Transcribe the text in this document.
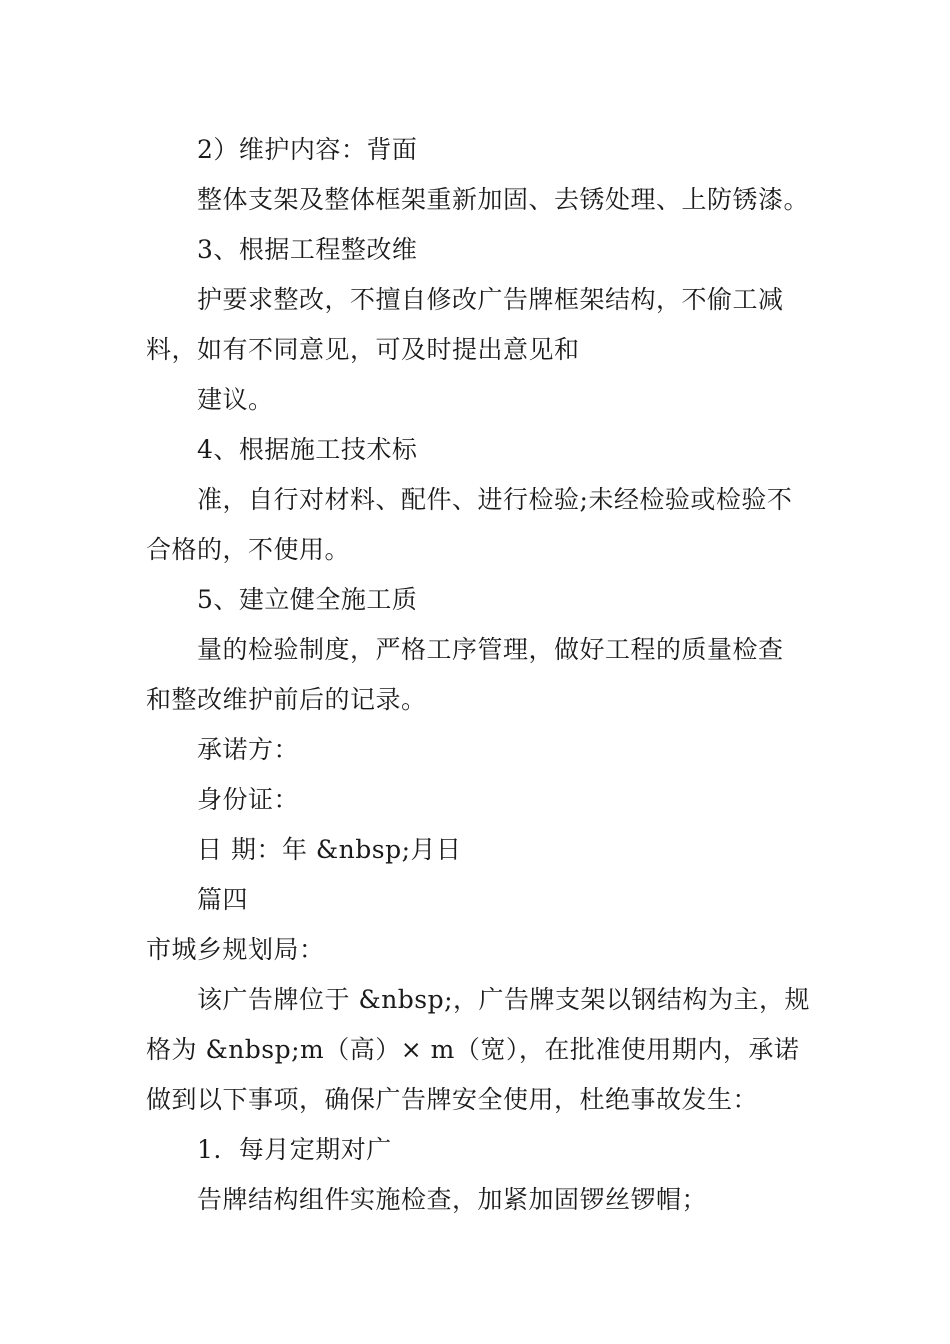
2）维护内容：背面
整体支架及整体框架重新加固、去锈处理、上防锈漆。
3、根据工程整改维
护要求整改，不擅自修改广告牌框架结构，不偷工减
料，如有不同意见，可及时提出意见和
建议。
4、根据施工技术标
准，自行对材料、配件、进行检验;未经检验或检验不
合格的，不使用。
5、建立健全施工质
量的检验制度，严格工序管理，做好工程的质量检查
和整改维护前后的记录。
承诺方：
身份证：
日 期：年 &nbsp;月日
篇四
市城乡规划局：
该广告牌位于 &nbsp;，广告牌支架以钢结构为主，规
格为 &nbsp;m（高）× m（宽），在批准使用期内，承诺
做到以下事项，确保广告牌安全使用，杜绝事故发生：
1.  每月定期对广
告牌结构组件实施检查，加紧加固锣丝锣帽；
